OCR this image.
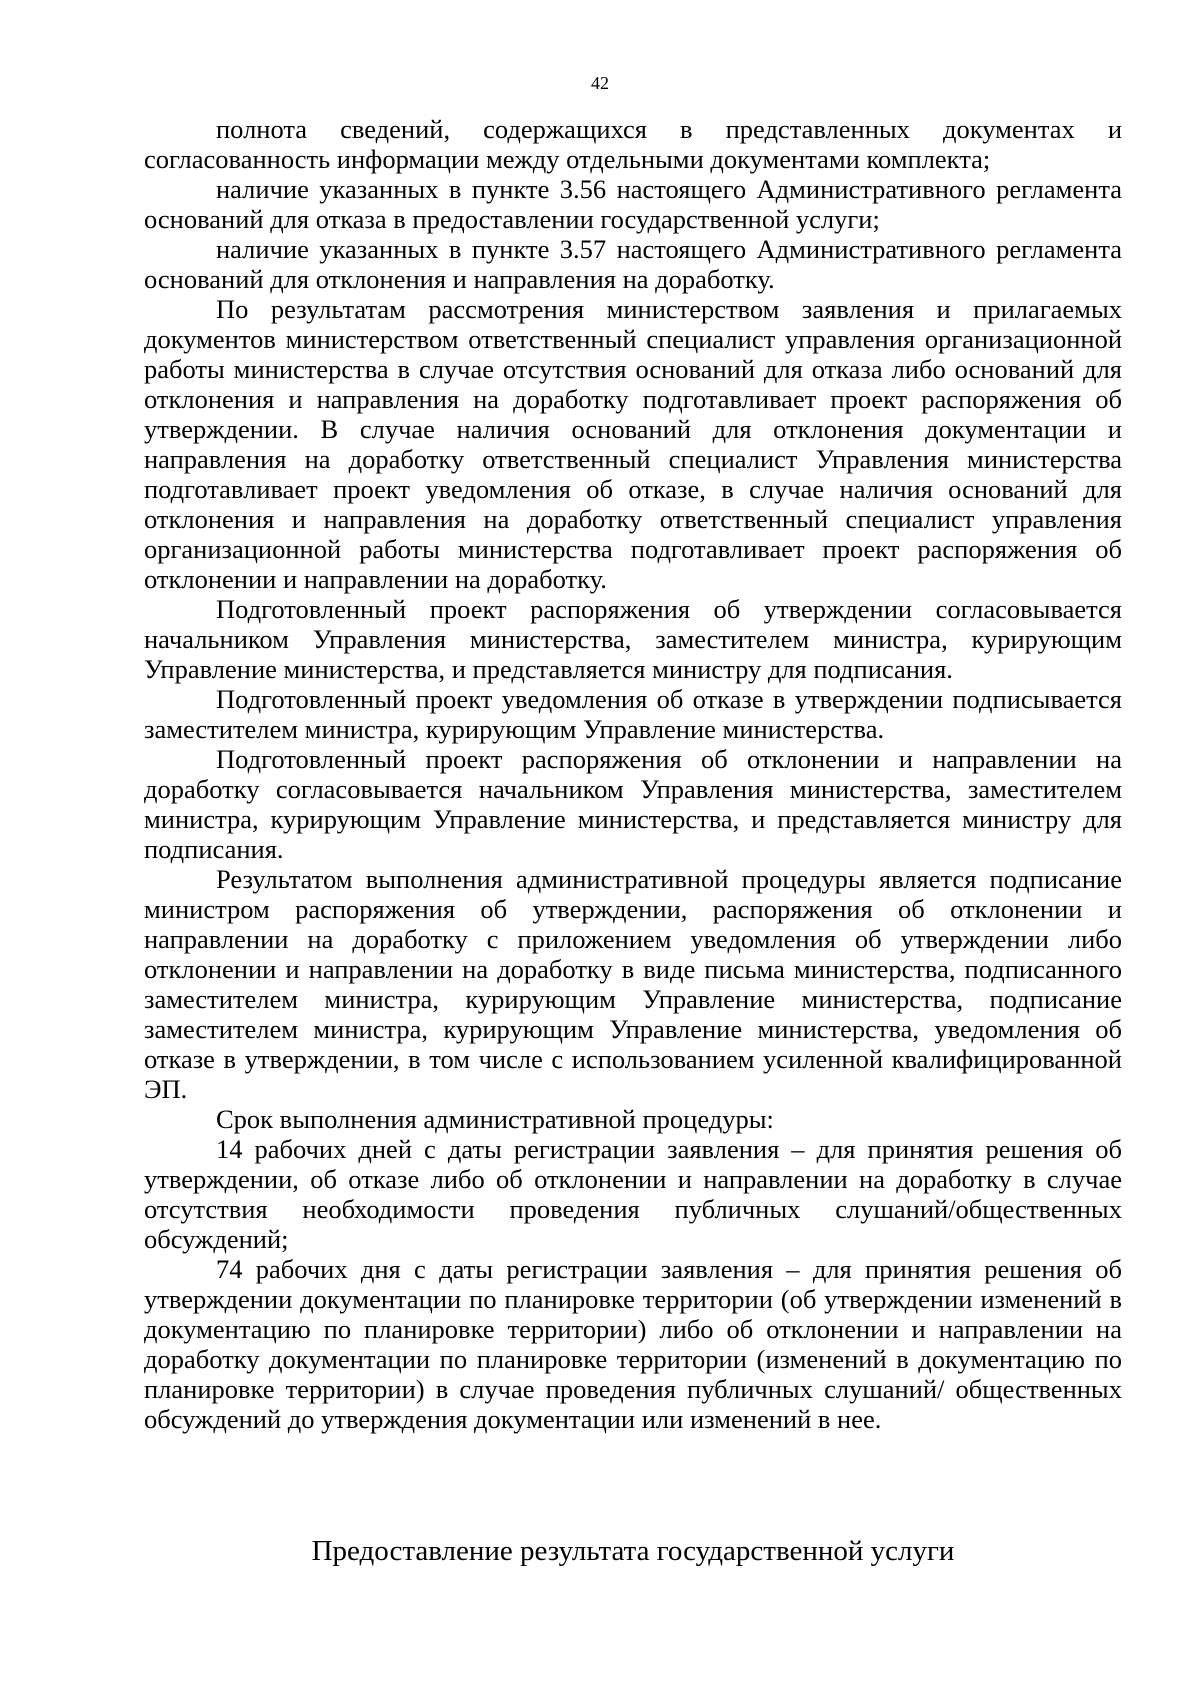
42

полнота сведений, содержащихся в представленных документах и согласованность информации между отдельными документами комплекта;

наличие указанных в пункте 3.56 настоящего Административного регламента оснований для отказа в предоставлении государственной услуги;

наличие указанных в пункте 3.57 настоящего Административного регламента оснований для отклонения и направления на доработку.

По результатам рассмотрения министерством заявления и прилагаемых документов министерством ответственный специалист управления организационной работы министерства в случае отсутствия оснований для отказа либо оснований для отклонения и направления на доработку подготавливает проект распоряжения об утверждении. В случае наличия оснований для отклонения документации и направления на доработку ответственный специалист Управления министерства подготавливает проект уведомления об отказе, в случае наличия оснований для отклонения и направления на доработку ответственный специалист управления организационной работы министерства подготавливает проект распоряжения об отклонении и направлении на доработку.

Подготовленный проект распоряжения об утверждении согласовывается начальником Управления министерства, заместителем министра, курирующим Управление министерства, и представляется министру для подписания.

Подготовленный проект уведомления об отказе в утверждении подписывается заместителем министра, курирующим Управление министерства.

Подготовленный проект распоряжения об отклонении и направлении на доработку согласовывается начальником Управления министерства, заместителем министра, курирующим Управление министерства, и представляется министру для подписания.

Результатом выполнения административной процедуры является подписание министром распоряжения об утверждении, распоряжения об отклонении и направлении на доработку с приложением уведомления об утверждении либо отклонении и направлении на доработку в виде письма министерства, подписанного заместителем министра, курирующим Управление министерства, подписание заместителем министра, курирующим Управление министерства, уведомления об отказе в утверждении, в том числе с использованием усиленной квалифицированной ЭП.

Срок выполнения административной процедуры:

14 рабочих дней с даты регистрации заявления – для принятия решения об утверждении, об отказе либо об отклонении и направлении на доработку в случае отсутствия необходимости проведения публичных слушаний/общественных обсуждений;

74 рабочих дня с даты регистрации заявления – для принятия решения об утверждении документации по планировке территории (об утверждении изменений в документацию по планировке территории) либо об отклонении и направлении на доработку документации по планировке территории (изменений в документацию по планировке территории) в случае проведения публичных слушаний/ общественных обсуждений до утверждения документации или изменений в нее.

Предоставление результата государственной услуги
